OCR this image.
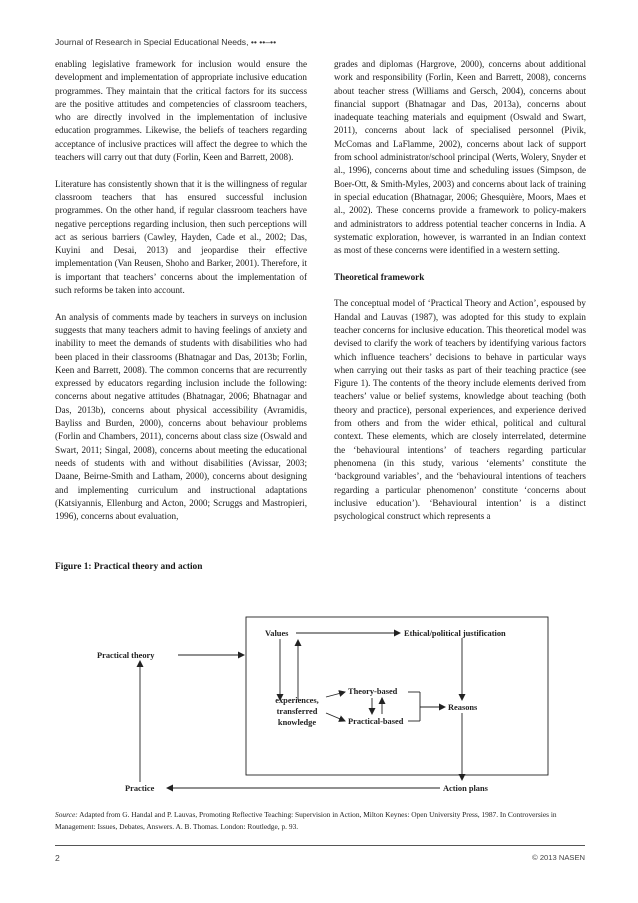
Journal of Research in Special Educational Needs, •• ••–••

enabling legislative framework for inclusion would ensure the development and implementation of appropriate inclusive education programmes. They maintain that the critical factors for its success are the positive attitudes and competencies of classroom teachers, who are directly involved in the implementation of inclusive education programmes. Likewise, the beliefs of teachers regarding acceptance of inclusive practices will affect the degree to which the teachers will carry out that duty (Forlin, Keen and Barrett, 2008).

Literature has consistently shown that it is the willingness of regular classroom teachers that has ensured successful inclusion programmes. On the other hand, if regular classroom teachers have negative perceptions regarding inclusion, then such perceptions will act as serious barriers (Cawley, Hayden, Cade et al., 2002; Das, Kuyini and Desai, 2013) and jeopardise their effective implementation (Van Reusen, Shoho and Barker, 2001). Therefore, it is important that teachers’ concerns about the implementation of such reforms be taken into account.

An analysis of comments made by teachers in surveys on inclusion suggests that many teachers admit to having feelings of anxiety and inability to meet the demands of students with disabilities who had been placed in their classrooms (Bhatnagar and Das, 2013b; Forlin, Keen and Barrett, 2008). The common concerns that are recurrently expressed by educators regarding inclusion include the following: concerns about negative attitudes (Bhatnagar, 2006; Bhatnagar and Das, 2013b), concerns about physical accessibility (Avramidis, Bayliss and Burden, 2000), concerns about behaviour problems (Forlin and Chambers, 2011), concerns about class size (Oswald and Swart, 2011; Singal, 2008), concerns about meeting the educational needs of students with and without disabilities (Avissar, 2003; Daane, Beirne-Smith and Latham, 2000), concerns about designing and implementing curriculum and instructional adaptations (Katsiyannis, Ellenburg and Acton, 2000; Scruggs and Mastropieri, 1996), concerns about evaluation,

grades and diplomas (Hargrove, 2000), concerns about additional work and responsibility (Forlin, Keen and Barrett, 2008), concerns about teacher stress (Williams and Gersch, 2004), concerns about financial support (Bhatnagar and Das, 2013a), concerns about inadequate teaching materials and equipment (Oswald and Swart, 2011), concerns about lack of specialised personnel (Pivik, McComas and LaFlamme, 2002), concerns about lack of support from school administrator/school principal (Werts, Wolery, Snyder et al., 1996), concerns about time and scheduling issues (Simpson, de Boer-Ott, & Smith-Myles, 2003) and concerns about lack of training in special education (Bhatnagar, 2006; Ghesquière, Moors, Maes et al., 2002). These concerns provide a framework to policy-makers and administrators to address potential teacher concerns in India. A systematic exploration, however, is warranted in an Indian context as most of these concerns were identified in a western setting.

Theoretical framework

The conceptual model of ‘Practical Theory and Action’, espoused by Handal and Lauvas (1987), was adopted for this study to explain teacher concerns for inclusive education. This theoretical model was devised to clarify the work of teachers by identifying various factors which influence teachers’ decisions to behave in particular ways when carrying out their tasks as part of their teaching practice (see Figure 1). The contents of the theory include elements derived from teachers’ value or belief systems, knowledge about teaching (both theory and practice), personal experiences, and experience derived from others and from the wider ethical, political and cultural context. These elements, which are closely interrelated, determine the ‘behavioural intentions’ of teachers regarding particular phenomena (in this study, various ‘elements’ constitute the ‘background variables’, and the ‘behavioural intentions of teachers regarding a particular phenomenon’ constitute ‘concerns about inclusive education’). ‘Behavioural intention’ is a distinct psychological construct which represents a

Figure 1: Practical theory and action
Values	Ethical/political justification
Practical theory
experiences,
transferred
knowledge
Theory-based
Practical-based
Reasons
Practice	Action plans
Source: Adapted from G. Handal and P. Lauvas, Promoting Reflective Teaching: Supervision in Action, Milton Keynes: Open University Press, 1987. In Controversies in Management: Issues, Debates, Answers. A. B. Thomas. London: Routledge, p. 93.
2	© 2013 NASEN
